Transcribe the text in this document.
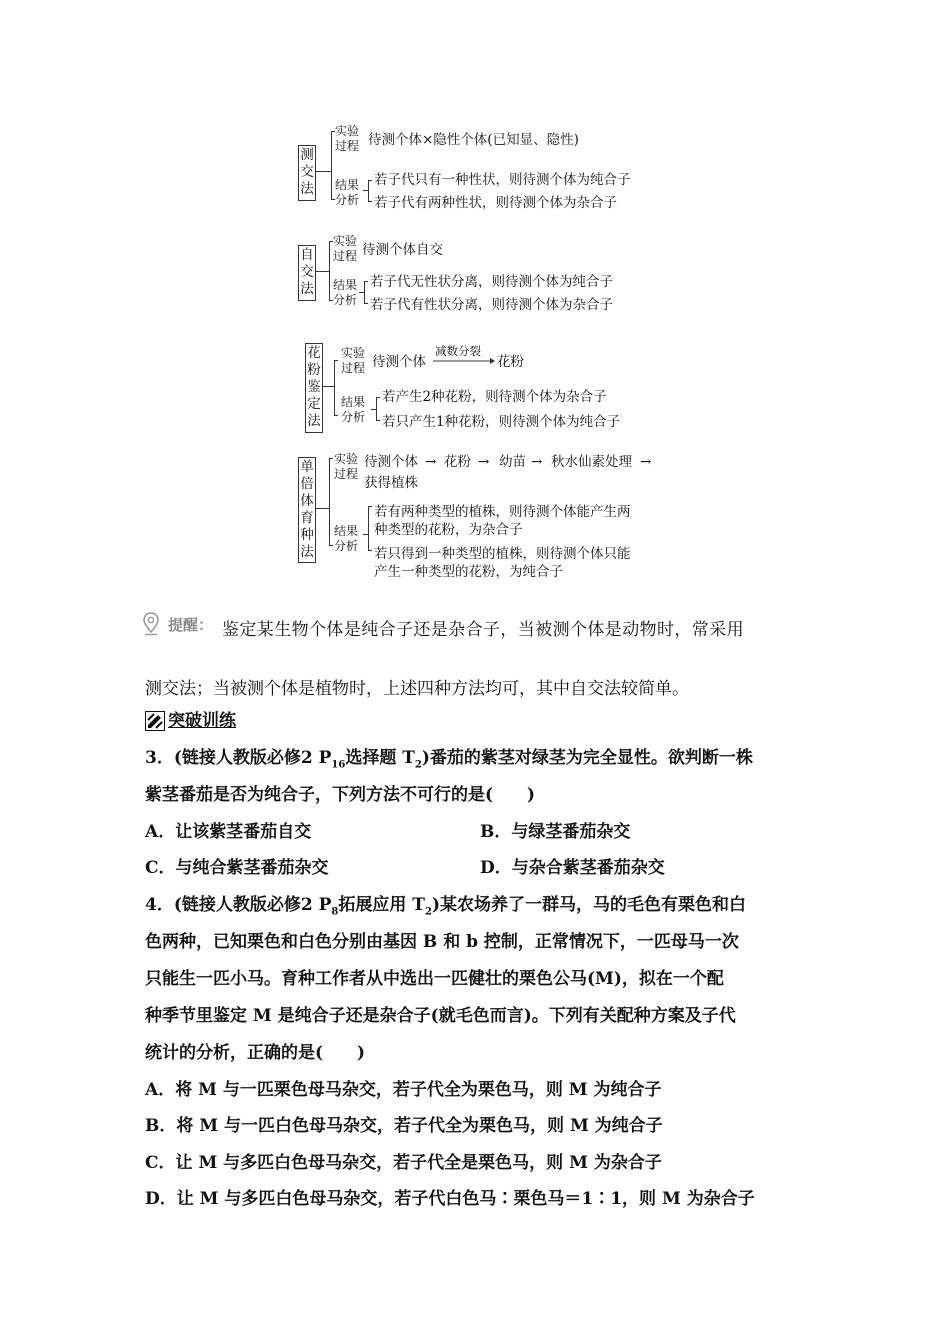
测交法
实验过程 待测个体×隐性个体(已知显、隐性)
结果分析
若子代只有一种性状，则待测个体为纯合子
若子代有两种性状，则待测个体为杂合子
自交法
实验过程 待测个体自交
结果分析
若子代无性状分离，则待测个体为纯合子
若子代有性状分离，则待测个体为杂合子
花粉鉴定法
实验过程 待测个体
减数分裂
花粉
结果分析
若产生2种花粉，则待测个体为杂合子
若只产生1种花粉，则待测个体为纯合子
单倍体育种法
实验过程
待测个体 → 花粉 → 幼苗 → 秋水仙素处理 →
获得植株
结果分析
若有两种类型的植株，则待测个体能产生两
种类型的花粉，为杂合子
若只得到一种类型的植株，则待测个体只能
产生一种类型的花粉，为纯合子
提醒： 鉴定某生物个体是纯合子还是杂合子，当被测个体是动物时，常采用
测交法；当被测个体是植物时，上述四种方法均可，其中自交法较简单。
突破训练
3．(链接人教版必修2 $P_{16}$选择题 $T_2$)番茄的紫茎对绿茎为完全显性。欲判断一株
紫茎番茄是否为纯合子，下列方法不可行的是(　　)
A．让该紫茎番茄自交	B．与绿茎番茄杂交
C．与纯合紫茎番茄杂交	D．与杂合紫茎番茄杂交
4．(链接人教版必修2 $P_8$拓展应用 $T_2$)某农场养了一群马，马的毛色有栗色和白
色两种，已知栗色和白色分别由基因 B 和 b 控制，正常情况下，一匹母马一次
只能生一匹小马。育种工作者从中选出一匹健壮的栗色公马(M)，拟在一个配
种季节里鉴定 M 是纯合子还是杂合子(就毛色而言)。下列有关配种方案及子代
统计的分析，正确的是(　　)
A．将 M 与一匹栗色母马杂交，若子代全为栗色马，则 M 为纯合子
B．将 M 与一匹白色母马杂交，若子代全为栗色马，则 M 为纯合子
C．让 M 与多匹白色母马杂交，若子代全是栗色马，则 M 为杂合子
D．让 M 与多匹白色母马杂交，若子代白色马∶栗色马＝1∶1，则 M 为杂合子
